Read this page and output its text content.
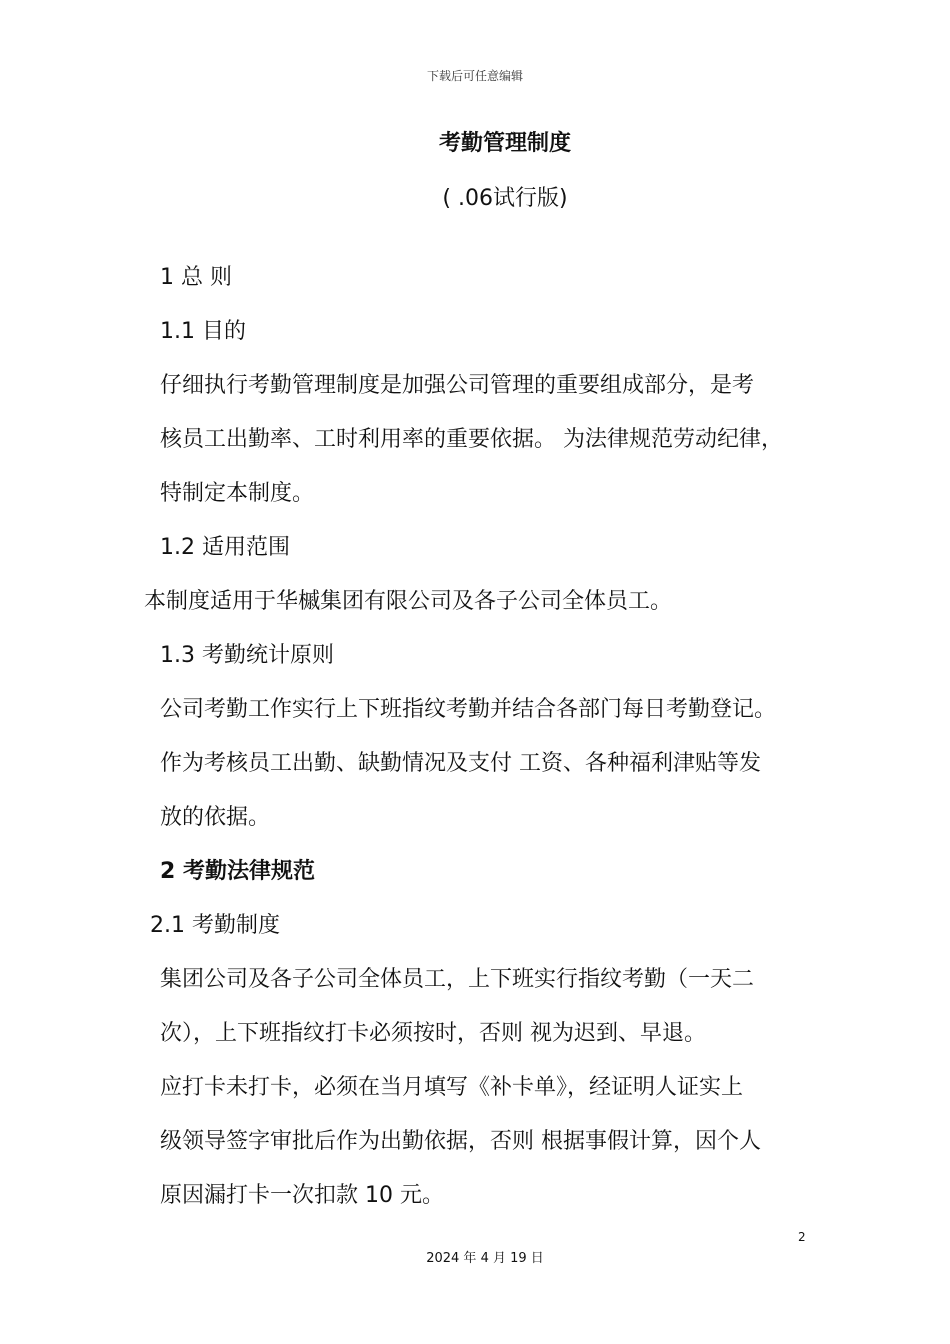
下载后可任意编辑
考勤管理制度
( .06试行版)
1 总 则
1.1 目的
仔细执行考勤管理制度是加强公司管理的重要组成部分，是考
核员工出勤率、工时利用率的重要依据。 为法律规范劳动纪律，
特制定本制度。
1.2 适用范围
本制度适用于华槭集团有限公司及各子公司全体员工。
1.3 考勤统计原则
公司考勤工作实行上下班指纹考勤并结合各部门每日考勤登记。
作为考核员工出勤、缺勤情况及支付 工资、各种福利津贴等发
放的依据。
2 考勤法律规范
2.1 考勤制度
集团公司及各子公司全体员工，上下班实行指纹考勤（一天二
次），上下班指纹打卡必须按时，否则 视为迟到、早退。
应打卡未打卡，必须在当月填写《补卡单》，经证明人证实上
级领导签字审批后作为出勤依据，否则 根据事假计算，因个人
原因漏打卡一次扣款 10 元。
2
2024 年 4 月 19 日
